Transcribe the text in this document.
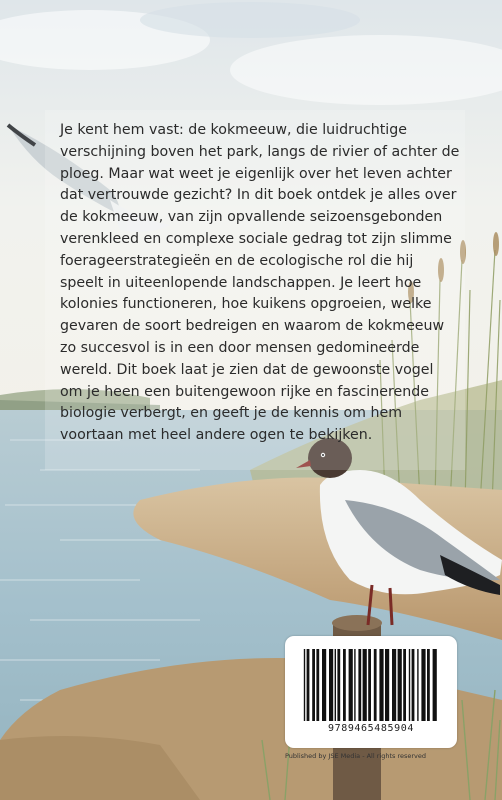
Je kent hem vast: de kokmeeuw, die luidruchtige verschijning boven het park, langs de rivier of achter de ploeg. Maar wat weet je eigenlijk over het leven achter dat vertrouwde gezicht? In dit boek ontdek je alles over de kokmeeuw, van zijn opvallende seizoensgebonden verenkleed en complexe sociale gedrag tot zijn slimme foerageerstrategieën en de ecologische rol die hij speelt in uiteenlopende landschappen. Je leert hoe kolonies functioneren, hoe kuikens opgroeien, welke gevaren de soort bedreigen en waarom de kokmeeuw zo succesvol is in een door mensen gedomineerde wereld. Dit boek laat je zien dat de gewoonste vogel om je heen een buitengewoon rijke en fascinerende biologie verbergt, en geeft je de kennis om hem voortaan met heel andere ogen te bekijken.

9789465485904
Published by JSE Media - All rights reserved
